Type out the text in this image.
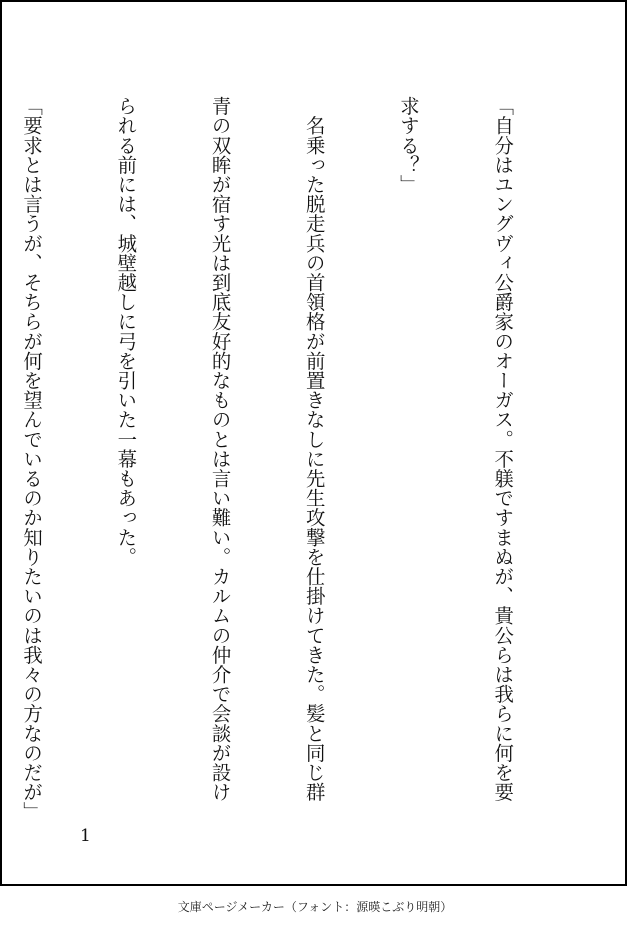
「自分はユングヴィ公爵家のオーガス。不躾ですまぬが、貴公らは我らに何を要

求する？」

　名乗った脱走兵の首領格が前置きなしに先生攻撃を仕掛けてきた。髪と同じ群

青の双眸が宿す光は到底友好的なものとは言い難い。カルムの仲介で会談が設け

られる前には、城壁越しに弓を引いた一幕もあった。

「要求とは言うが、そちらが何を望んでいるのか知りたいのは我々の方なのだが」

1
文庫ページメーカー（フォント：源暎こぶり明朝）
